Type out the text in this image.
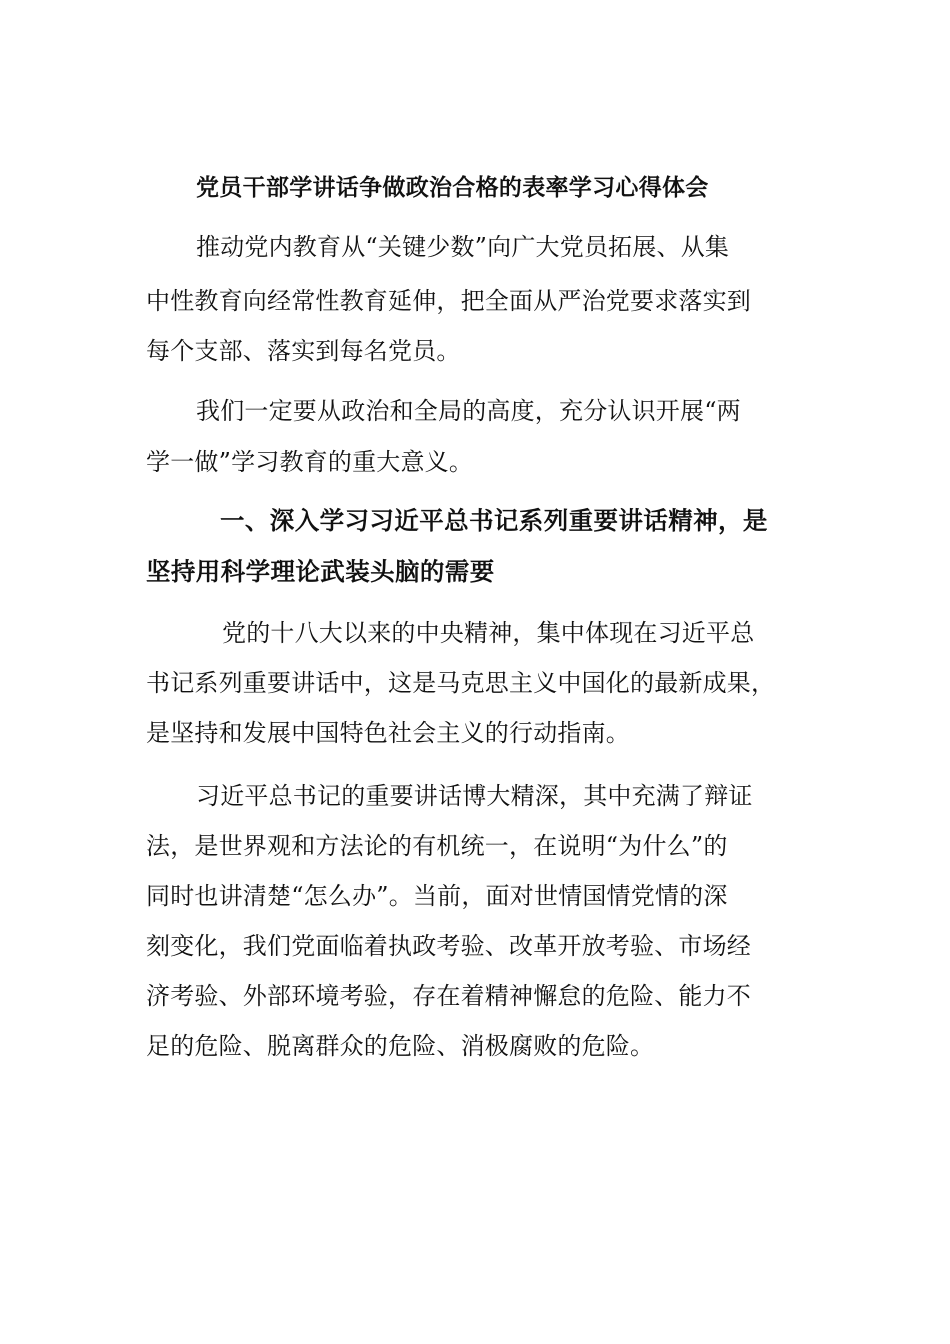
党员干部学讲话争做政治合格的表率学习心得体会
推动党内教育从“关键少数”向广大党员拓展、从集
中性教育向经常性教育延伸，把全面从严治党要求落实到
每个支部、落实到每名党员。
我们一定要从政治和全局的高度，充分认识开展“两
学一做”学习教育的重大意义。
一、深入学习习近平总书记系列重要讲话精神，是
坚持用科学理论武装头脑的需要
党的十八大以来的中央精神，集中体现在习近平总
书记系列重要讲话中，这是马克思主义中国化的最新成果，
是坚持和发展中国特色社会主义的行动指南。
习近平总书记的重要讲话博大精深，其中充满了辩证
法，是世界观和方法论的有机统一，在说明“为什么”的
同时也讲清楚“怎么办”。当前，面对世情国情党情的深
刻变化，我们党面临着执政考验、改革开放考验、市场经
济考验、外部环境考验，存在着精神懈怠的危险、能力不
足的危险、脱离群众的危险、消极腐败的危险。
